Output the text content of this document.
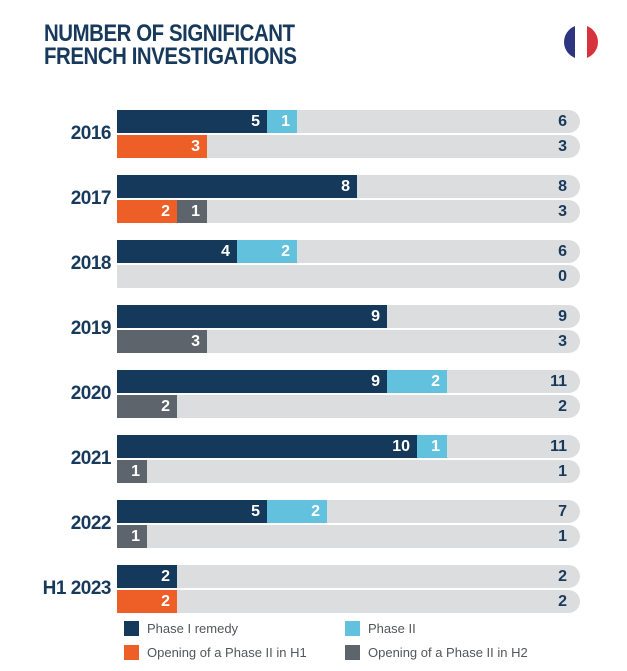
NUMBER OF SIGNIFICANT
FRENCH INVESTIGATIONS
2016
5 1	6
3	3
2017
8	8
2 1	3
2018
4	2	6
0
2019
9	9
3	3
2020
9	2	11
2	2
2021
10 1	11
1	1
2022
5	2	7
1	1
H1 2023
2	2
2	2
Phase I remedy	Phase II
Opening of a Phase II in H1	Opening of a Phase II in H2
